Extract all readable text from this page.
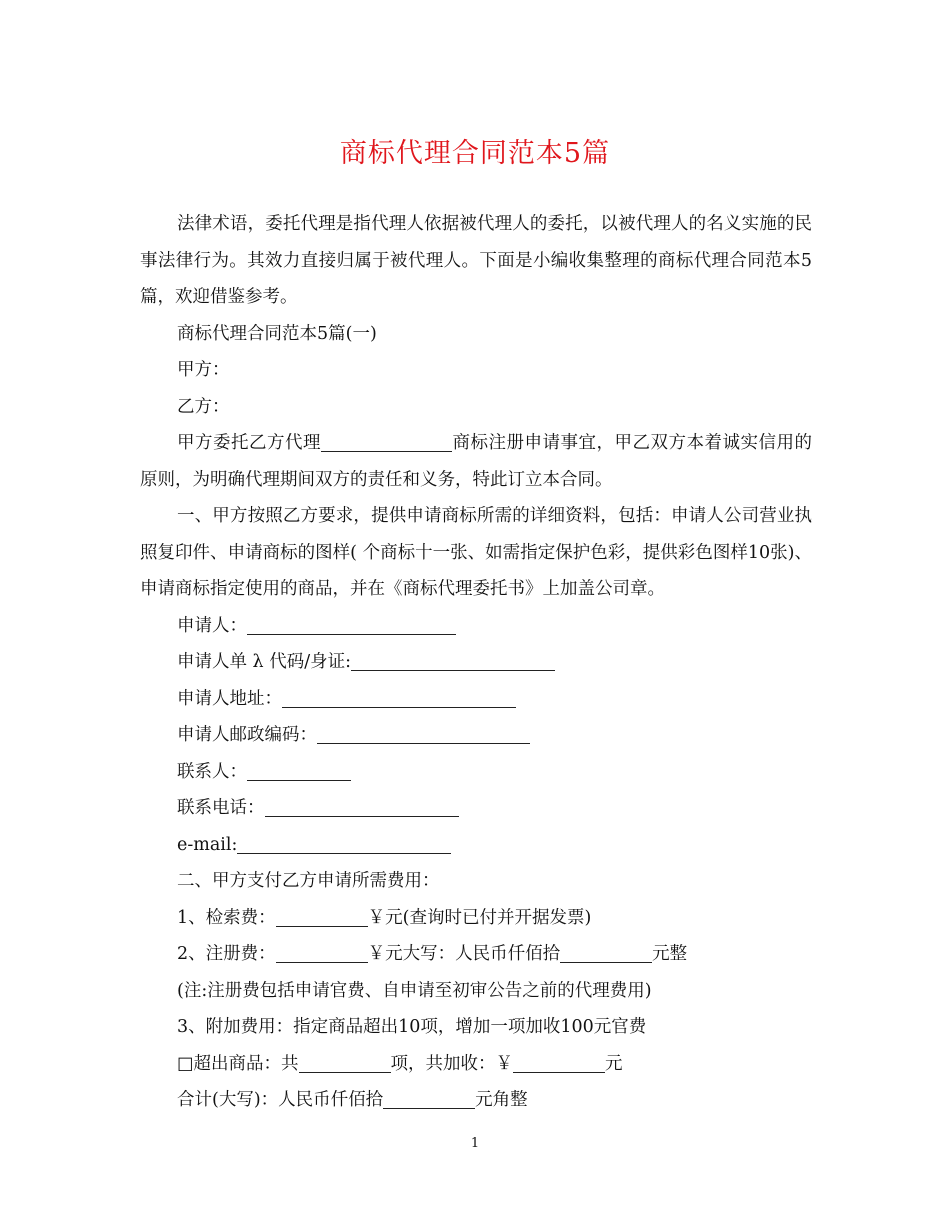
商标代理合同范本5篇

法律术语，委托代理是指代理人依据被代理人的委托，以被代理人的名义实施的民事法律行为。其效力直接归属于被代理人。下面是小编收集整理的商标代理合同范本5篇，欢迎借鉴参考。

商标代理合同范本5篇(一)

甲方：

乙方：

甲方委托乙方代理	商标注册申请事宜，甲乙双方本着诚实信用的原则，为明确代理期间双方的责任和义务，特此订立本合同。

一、甲方按照乙方要求，提供申请商标所需的详细资料，包括：申请人公司营业执照复印件、申请商标的图样( 个商标十一张、如需指定保护色彩，提供彩色图样10张)、申请商标指定使用的商品，并在《商标代理委托书》上加盖公司章。

申请人：

申请人单 λ 代码/身证:

申请人地址：

申请人邮政编码：

联系人：

联系电话：

e-mail:

二、甲方支付乙方申请所需费用：

1、检索费：	￥元(查询时已付并开据发票)

2、注册费：	￥元大写：人民币仟佰拾	元整

(注:注册费包括申请官费、自申请至初审公告之前的代理费用)

3、附加费用：指定商品超出10项，增加一项加收100元官费

□超出商品：共	项，共加收：￥	元

合计(大写)：人民币仟佰拾	元角整

1
